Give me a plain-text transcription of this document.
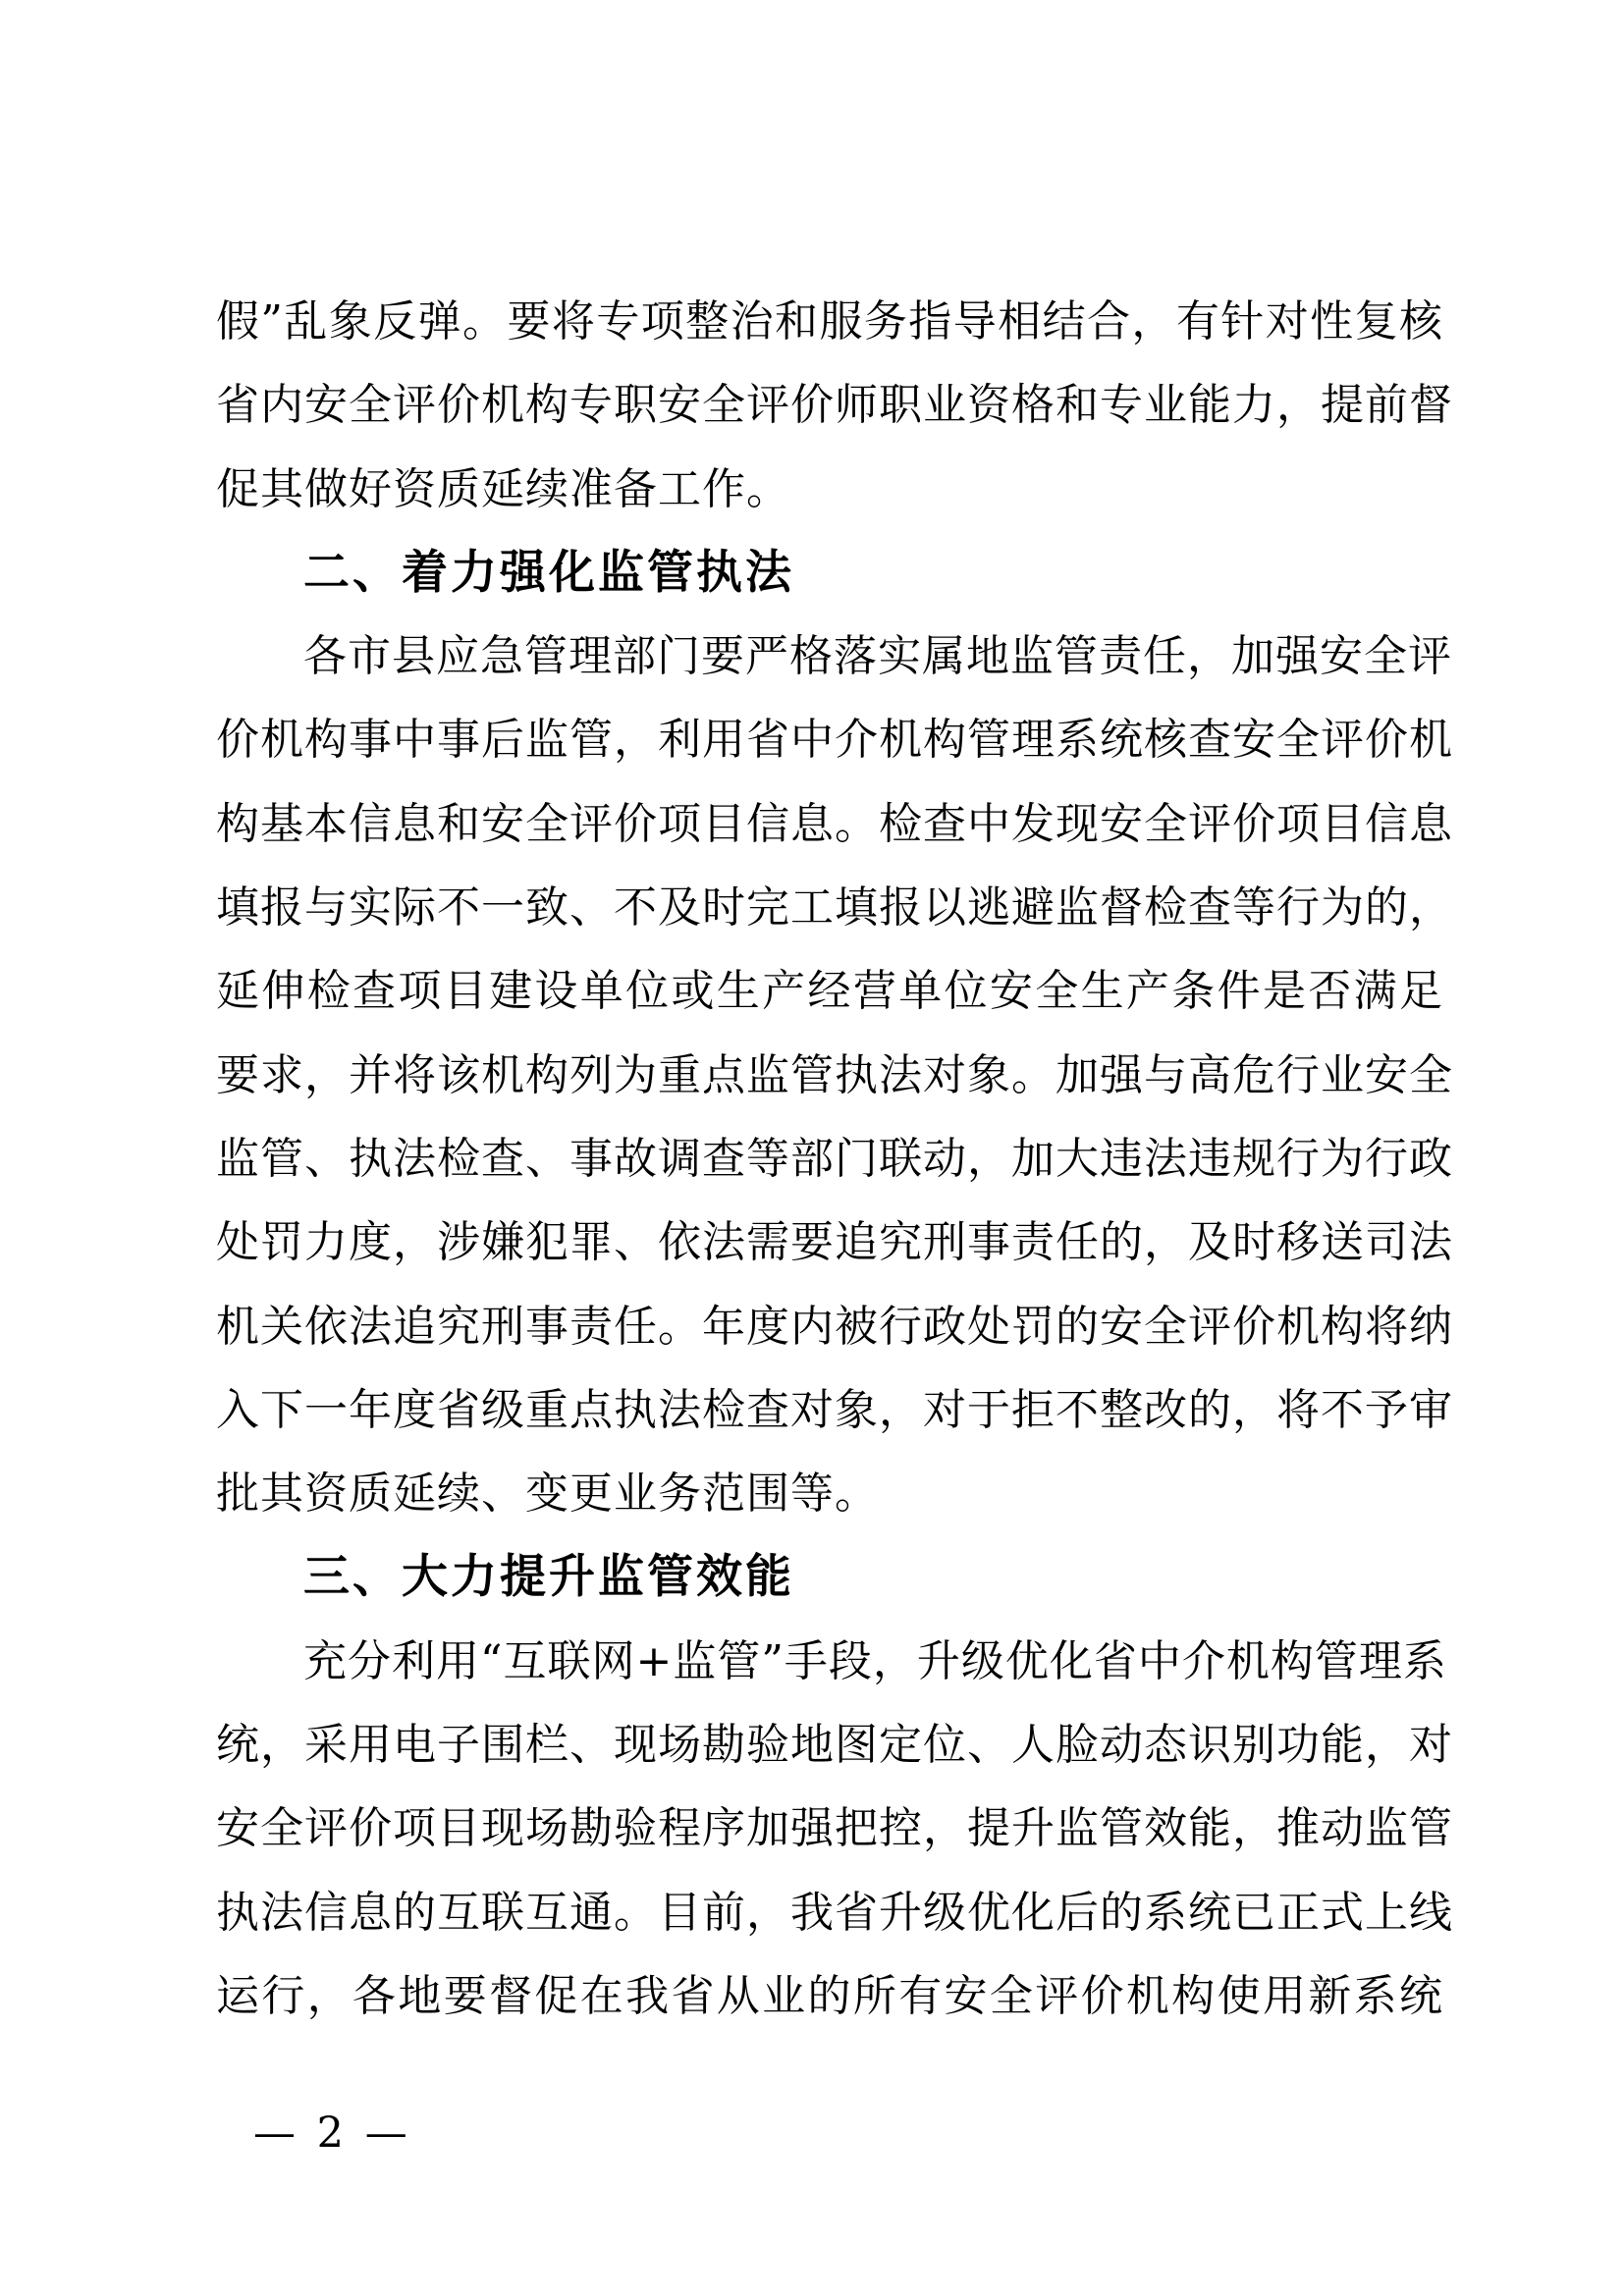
假”乱象反弹。要将专项整治和服务指导相结合，有针对性复核
省内安全评价机构专职安全评价师职业资格和专业能力，提前督
促其做好资质延续准备工作。
二、着力强化监管执法
各市县应急管理部门要严格落实属地监管责任，加强安全评
价机构事中事后监管，利用省中介机构管理系统核查安全评价机
构基本信息和安全评价项目信息。检查中发现安全评价项目信息
填报与实际不一致、不及时完工填报以逃避监督检查等行为的，
延伸检查项目建设单位或生产经营单位安全生产条件是否满足
要求，并将该机构列为重点监管执法对象。加强与高危行业安全
监管、执法检查、事故调查等部门联动，加大违法违规行为行政
处罚力度，涉嫌犯罪、依法需要追究刑事责任的，及时移送司法
机关依法追究刑事责任。年度内被行政处罚的安全评价机构将纳
入下一年度省级重点执法检查对象，对于拒不整改的，将不予审
批其资质延续、变更业务范围等。
三、大力提升监管效能
充分利用“互联网+监管”手段，升级优化省中介机构管理系
统，采用电子围栏、现场勘验地图定位、人脸动态识别功能，对
安全评价项目现场勘验程序加强把控，提升监管效能，推动监管
执法信息的互联互通。目前，我省升级优化后的系统已正式上线
运行，各地要督促在我省从业的所有安全评价机构使用新系统
— 2 —
